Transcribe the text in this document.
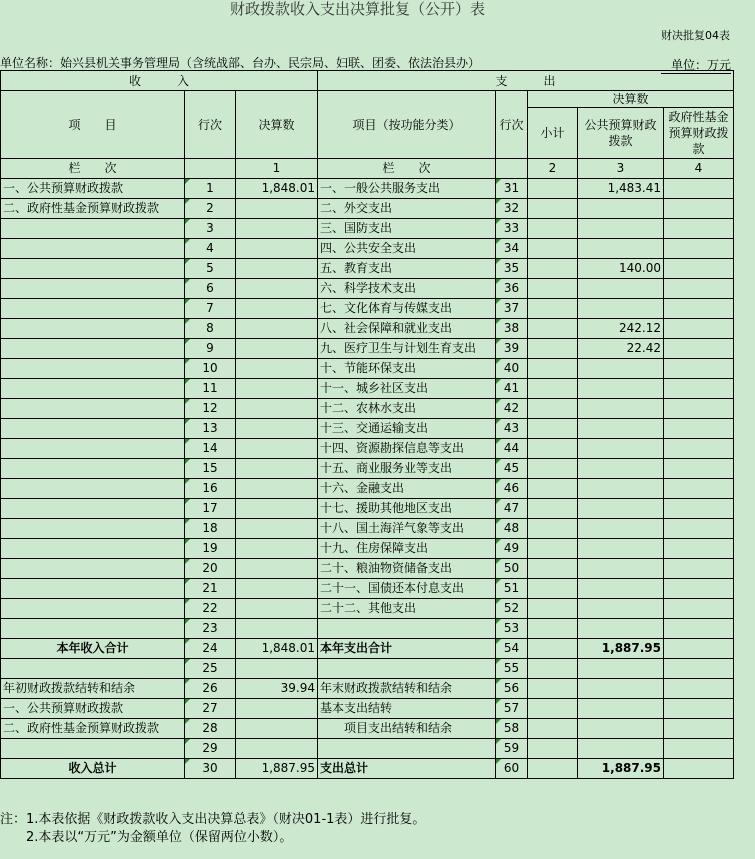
财政拨款收入支出决算批复（公开）表
财决批复04表
单位名称：始兴县机关事务管理局（含统战部、台办、民宗局、妇联、团委、依法治县办）	单位：万元
收　　　入			支　　　出				
项　　目	行次	决算数	项目（按功能分类）	行次	决算数		
					小计	公共预算财政拨款	政府性基金预算财政拨款
栏　　次		1	栏　　次		2	3	4
一、公共预算财政拨款	1	1,848.01	一、一般公共服务支出	31		1,483.41	
二、政府性基金预算财政拨款	2		二、外交支出	32			
	3		三、国防支出	33			
	4		四、公共安全支出	34			
	5		五、教育支出	35		140.00	
	6		六、科学技术支出	36			
	7		七、文化体育与传媒支出	37			
	8		八、社会保障和就业支出	38		242.12	
	9		九、医疗卫生与计划生育支出	39		22.42	
	10		十、节能环保支出	40			
	11		十一、城乡社区支出	41			
	12		十二、农林水支出	42			
	13		十三、交通运输支出	43			
	14		十四、资源勘探信息等支出	44			
	15		十五、商业服务业等支出	45			
	16		十六、金融支出	46			
	17		十七、援助其他地区支出	47			
	18		十八、国土海洋气象等支出	48			
	19		十九、住房保障支出	49			
	20		二十、粮油物资储备支出	50			
	21		二十一、国债还本付息支出	51			
	22		二十二、其他支出	52			
	23			53			
本年收入合计	24	1,848.01	本年支出合计	54		1,887.95	
	25			55			
年初财政拨款结转和结余	26	39.94	年末财政拨款结转和结余	56			
一、公共预算财政拨款	27		基本支出结转	57			
二、政府性基金预算财政拨款	28		　　项目支出结转和结余	58			
	29			59			
收入总计	30	1,887.95	支出总计	60		1,887.95	
注：1.本表依据《财政拨款收入支出决算总表》（财决01-1表）进行批复。
2.本表以“万元”为金额单位（保留两位小数）。
